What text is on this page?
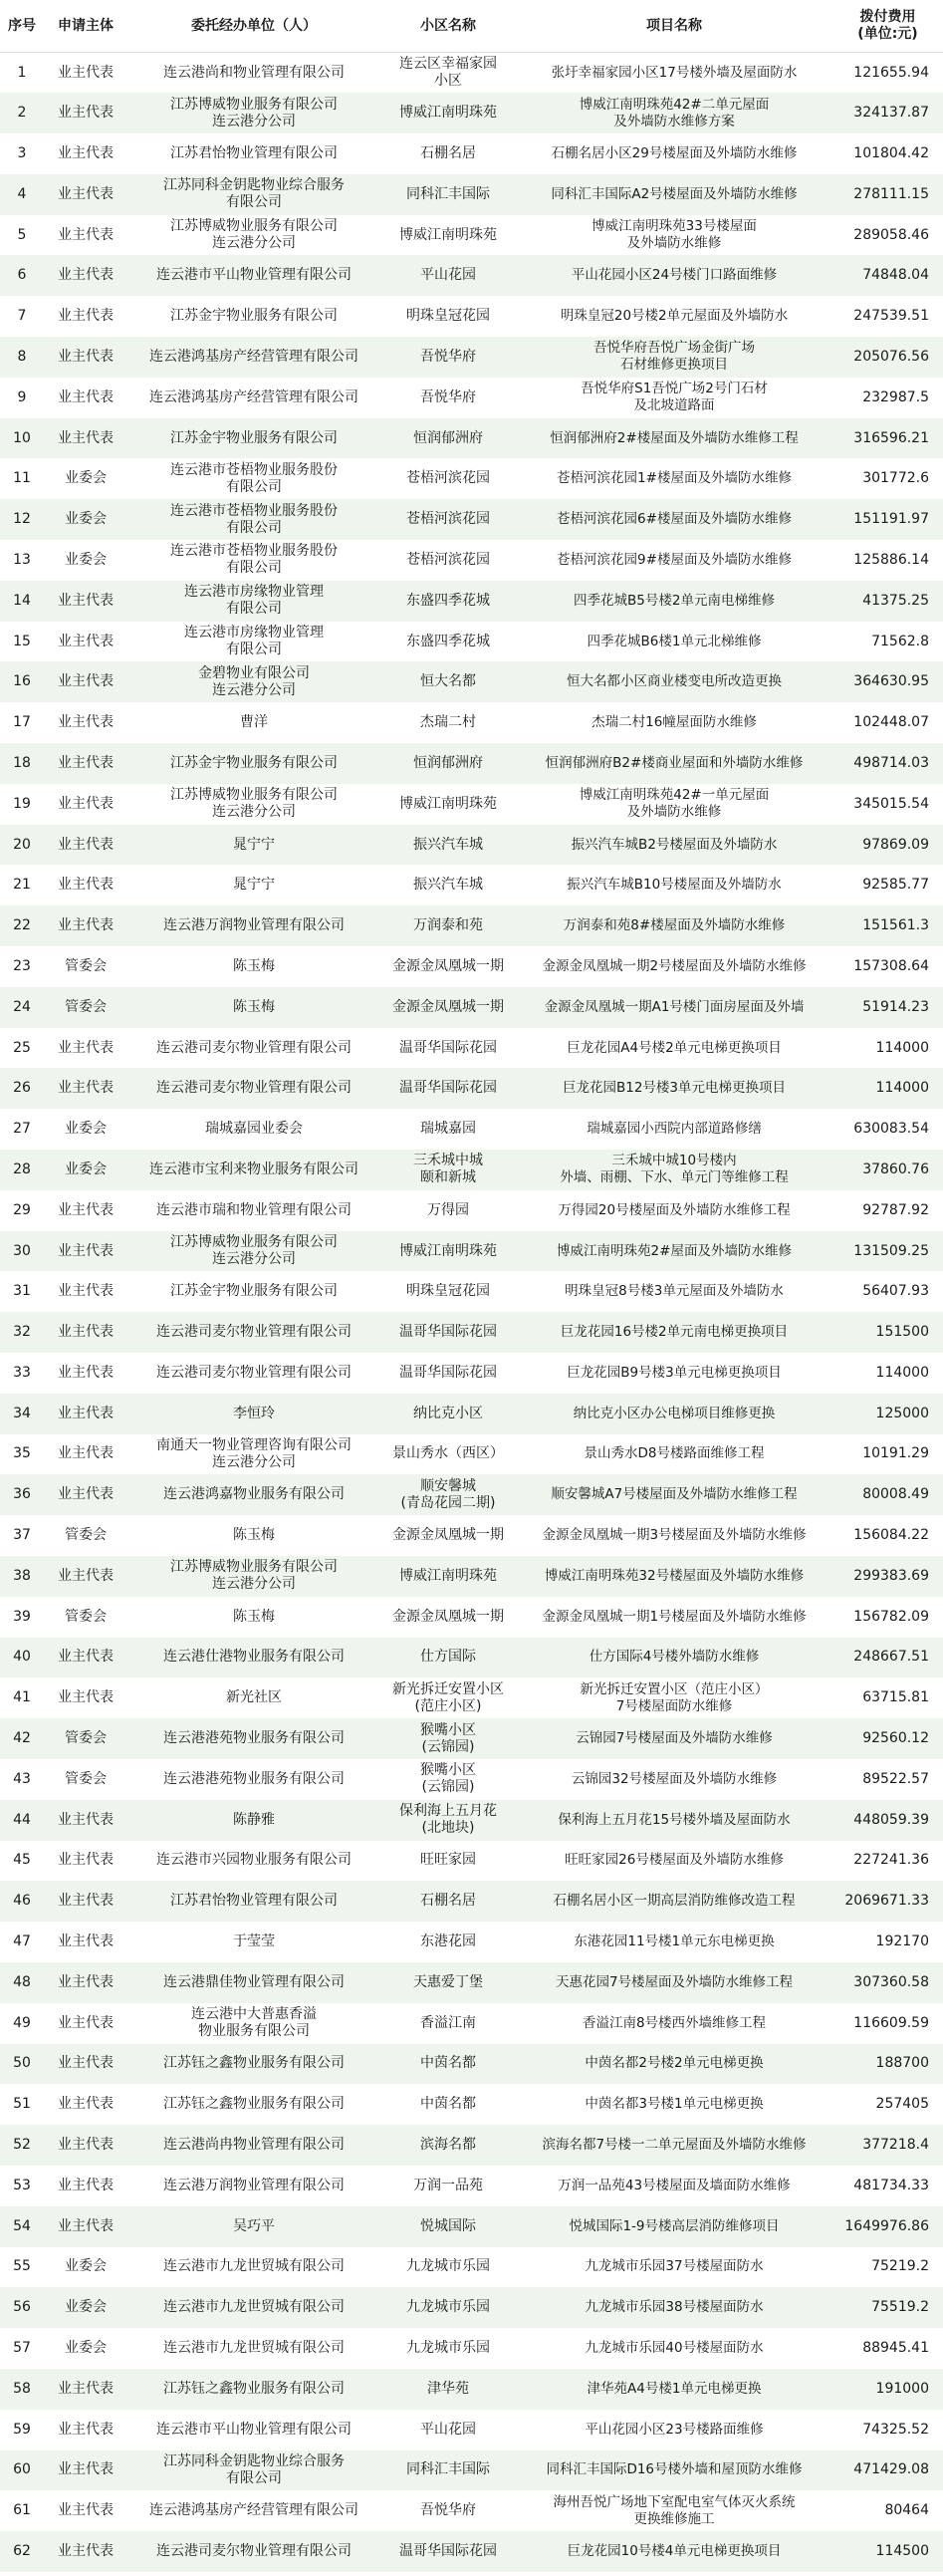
序号	申请主体	委托经办单位（人）	小区名称	项目名称	拨付费用
(单位:元)
1	业主代表	连云港尚和物业管理有限公司	连云区幸福家园
小区	张圩幸福家园小区17号楼外墙及屋面防水	121655.94
2	业主代表	江苏博威物业服务有限公司
连云港分公司	博威江南明珠苑	博威江南明珠苑42#二单元屋面
及外墙防水维修方案	324137.87
3	业主代表	江苏君怡物业管理有限公司	石棚名居	石棚名居小区29号楼屋面及外墙防水维修	101804.42
4	业主代表	江苏同科金钥匙物业综合服务
有限公司	同科汇丰国际	同科汇丰国际A2号楼屋面及外墙防水维修	278111.15
5	业主代表	江苏博威物业服务有限公司
连云港分公司	博威江南明珠苑	博威江南明珠苑33号楼屋面
及外墙防水维修	289058.46
6	业主代表	连云港市平山物业管理有限公司	平山花园	平山花园小区24号楼门口路面维修	74848.04
7	业主代表	江苏金宇物业服务有限公司	明珠皇冠花园	明珠皇冠20号楼2单元屋面及外墙防水	247539.51
8	业主代表	连云港鸿基房产经营管理有限公司	吾悦华府	吾悦华府吾悦广场金街广场
石材维修更换项目	205076.56
9	业主代表	连云港鸿基房产经营管理有限公司	吾悦华府	吾悦华府S1吾悦广场2号门石材
及北坡道路面	232987.5
10	业主代表	江苏金宇物业服务有限公司	恒润郁洲府	恒润郁洲府2#楼屋面及外墙防水维修工程	316596.21
11	业委会	连云港市苍梧物业服务股份
有限公司	苍梧河滨花园	苍梧河滨花园1#楼屋面及外墙防水维修	301772.6
12	业委会	连云港市苍梧物业服务股份
有限公司	苍梧河滨花园	苍梧河滨花园6#楼屋面及外墙防水维修	151191.97
13	业委会	连云港市苍梧物业服务股份
有限公司	苍梧河滨花园	苍梧河滨花园9#楼屋面及外墙防水维修	125886.14
14	业主代表	连云港市房缘物业管理
有限公司	东盛四季花城	四季花城B5号楼2单元南电梯维修	41375.25
15	业主代表	连云港市房缘物业管理
有限公司	东盛四季花城	四季花城B6楼1单元北梯维修	71562.8
16	业主代表	金碧物业有限公司
连云港分公司	恒大名都	恒大名都小区商业楼变电所改造更换	364630.95
17	业主代表	曹洋	杰瑞二村	杰瑞二村16幢屋面防水维修	102448.07
18	业主代表	江苏金宇物业服务有限公司	恒润郁洲府	恒润郁洲府B2#楼商业屋面和外墙防水维修	498714.03
19	业主代表	江苏博威物业服务有限公司
连云港分公司	博威江南明珠苑	博威江南明珠苑42#一单元屋面
及外墙防水维修	345015.54
20	业主代表	晁宁宁	振兴汽车城	振兴汽车城B2号楼屋面及外墙防水	97869.09
21	业主代表	晁宁宁	振兴汽车城	振兴汽车城B10号楼屋面及外墙防水	92585.77
22	业主代表	连云港万润物业管理有限公司	万润泰和苑	万润泰和苑8#楼屋面及外墙防水维修	151561.3
23	管委会	陈玉梅	金源金凤凰城一期	金源金凤凰城一期2号楼屋面及外墙防水维修	157308.64
24	管委会	陈玉梅	金源金凤凰城一期	金源金凤凰城一期A1号楼门面房屋面及外墙	51914.23
25	业主代表	连云港司麦尔物业管理有限公司	温哥华国际花园	巨龙花园A4号楼2单元电梯更换项目	114000
26	业主代表	连云港司麦尔物业管理有限公司	温哥华国际花园	巨龙花园B12号楼3单元电梯更换项目	114000
27	业委会	瑞城嘉园业委会	瑞城嘉园	瑞城嘉园小西院内部道路修缮	630083.54
28	业委会	连云港市宝利来物业服务有限公司	三禾城中城
颐和新城	三禾城中城10号楼内
外墙、雨棚、下水、单元门等维修工程	37860.76
29	业主代表	连云港市瑞和物业管理有限公司	万得园	万得园20号楼屋面及外墙防水维修工程	92787.92
30	业主代表	江苏博威物业服务有限公司
连云港分公司	博威江南明珠苑	博威江南明珠苑2#屋面及外墙防水维修	131509.25
31	业主代表	江苏金宇物业服务有限公司	明珠皇冠花园	明珠皇冠8号楼3单元屋面及外墙防水	56407.93
32	业主代表	连云港司麦尔物业管理有限公司	温哥华国际花园	巨龙花园16号楼2单元南电梯更换项目	151500
33	业主代表	连云港司麦尔物业管理有限公司	温哥华国际花园	巨龙花园B9号楼3单元电梯更换项目	114000
34	业主代表	李恒玲	纳比克小区	纳比克小区办公电梯项目维修更换	125000
35	业主代表	南通天一物业管理咨询有限公司
连云港分公司	景山秀水（西区）	景山秀水D8号楼路面维修工程	10191.29
36	业主代表	连云港鸿嘉物业服务有限公司	顺安馨城
(青岛花园二期)	顺安馨城A7号楼屋面及外墙防水维修工程	80008.49
37	管委会	陈玉梅	金源金凤凰城一期	金源金凤凰城一期3号楼屋面及外墙防水维修	156084.22
38	业主代表	江苏博威物业服务有限公司
连云港分公司	博威江南明珠苑	博威江南明珠苑32号楼屋面及外墙防水维修	299383.69
39	管委会	陈玉梅	金源金凤凰城一期	金源金凤凰城一期1号楼屋面及外墙防水维修	156782.09
40	业主代表	连云港仕港物业服务有限公司	仕方国际	仕方国际4号楼外墙防水维修	248667.51
41	业主代表	新光社区	新光拆迁安置小区
(范庄小区)	新光拆迁安置小区（范庄小区）
7号楼屋面防水维修	63715.81
42	管委会	连云港港苑物业服务有限公司	猴嘴小区
(云锦园)	云锦园7号楼屋面及外墙防水维修	92560.12
43	管委会	连云港港苑物业服务有限公司	猴嘴小区
(云锦园)	云锦园32号楼屋面及外墙防水维修	89522.57
44	业主代表	陈静雅	保利海上五月花
(北地块)	保利海上五月花15号楼外墙及屋面防水	448059.39
45	业主代表	连云港市兴园物业服务有限公司	旺旺家园	旺旺家园26号楼屋面及外墙防水维修	227241.36
46	业主代表	江苏君怡物业管理有限公司	石棚名居	石棚名居小区一期高层消防维修改造工程	2069671.33
47	业主代表	于莹莹	东港花园	东港花园11号楼1单元东电梯更换	192170
48	业主代表	连云港鼎佳物业管理有限公司	天惠爱丁堡	天惠花园7号楼屋面及外墙防水维修工程	307360.58
49	业主代表	连云港中大普惠香溢
物业服务有限公司	香溢江南	香溢江南8号楼西外墙维修工程	116609.59
50	业主代表	江苏钰之鑫物业服务有限公司	中茵名都	中茵名都2号楼2单元电梯更换	188700
51	业主代表	江苏钰之鑫物业服务有限公司	中茵名都	中茵名都3号楼1单元电梯更换	257405
52	业主代表	连云港尚冉物业管理有限公司	滨海名都	滨海名都7号楼一二单元屋面及外墙防水维修	377218.4
53	业主代表	连云港万润物业管理有限公司	万润一品苑	万润一品苑43号楼屋面及墙面防水维修	481734.33
54	业主代表	吴巧平	悦城国际	悦城国际1-9号楼高层消防维修项目	1649976.86
55	业委会	连云港市九龙世贸城有限公司	九龙城市乐园	九龙城市乐园37号楼屋面防水	75219.2
56	业委会	连云港市九龙世贸城有限公司	九龙城市乐园	九龙城市乐园38号楼屋面防水	75519.2
57	业委会	连云港市九龙世贸城有限公司	九龙城市乐园	九龙城市乐园40号楼屋面防水	88945.41
58	业主代表	江苏钰之鑫物业服务有限公司	津华苑	津华苑A4号楼1单元电梯更换	191000
59	业主代表	连云港市平山物业管理有限公司	平山花园	平山花园小区23号楼路面维修	74325.52
60	业主代表	江苏同科金钥匙物业综合服务
有限公司	同科汇丰国际	同科汇丰国际D16号楼外墙和屋顶防水维修	471429.08
61	业主代表	连云港鸿基房产经营管理有限公司	吾悦华府	海州吾悦广场地下室配电室气体灭火系统
更换维修施工	80464
62	业主代表	连云港司麦尔物业管理有限公司	温哥华国际花园	巨龙花园10号楼4单元电梯更换项目	114500
